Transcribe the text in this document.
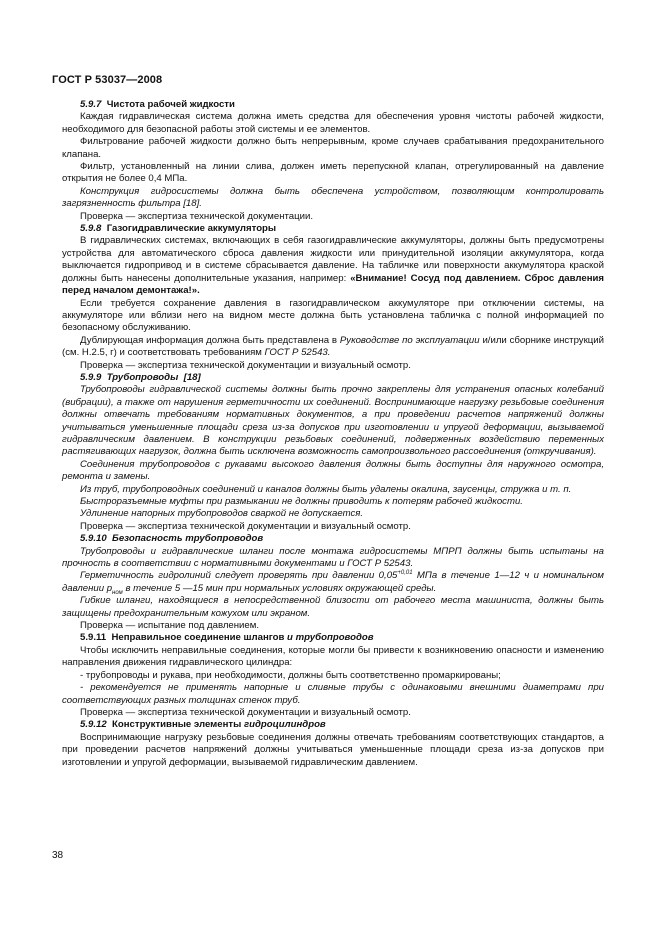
ГОСТ Р 53037—2008
5.9.7 Чистота рабочей жидкости

Каждая гидравлическая система должна иметь средства для обеспечения уровня чистоты рабочей жидкости, необходимого для безопасной работы этой системы и ее элементов.

Фильтрование рабочей жидкости должно быть непрерывным, кроме случаев срабатывания предохранительного клапана.

Фильтр, установленный на линии слива, должен иметь перепускной клапан, отрегулированный на давление открытия не более 0,4 МПа.

Конструкция гидросистемы должна быть обеспечена устройством, позволяющим контролировать загрязненность фильтра [18].

Проверка — экспертиза технической документации.

5.9.8 Газогидравлические аккумуляторы

В гидравлических системах, включающих в себя газогидравлические аккумуляторы, должны быть предусмотрены устройства для автоматического сброса давления жидкости или принудительной изоляции аккумулятора, когда выключается гидропривод и в системе сбрасывается давление. На табличке или поверхности аккумулятора краской должны быть нанесены дополнительные указания, например: «Внимание! Сосуд под давлением. Сброс давления перед началом демонтажа!».

Если требуется сохранение давления в газогидравлическом аккумуляторе при отключении системы, на аккумуляторе или вблизи него на видном месте должна быть установлена табличка с полной информацией по безопасному обслуживанию.

Дублирующая информация должна быть представлена в Руководстве по эксплуатации и/или сборнике инструкций (см. Н.2.5, г) и соответствовать требованиям ГОСТ Р 52543.

Проверка — экспертиза технической документации и визуальный осмотр.

5.9.9 Трубопроводы [18]

Трубопроводы гидравлической системы должны быть прочно закреплены для устранения опасных колебаний (вибрации), а также от нарушения герметичности их соединений. Воспринимающие нагрузку резьбовые соединения должны отвечать требованиям нормативных документов, а при проведении расчетов напряжений должны учитываться уменьшенные площади среза из-за допусков при изготовлении и упругой деформации, вызываемой гидравлическим давлением. В конструкции резьбовых соединений, подверженных воздействию переменных растягивающих нагрузок, должна быть исключена возможность самопроизвольного рассоединения (откручивания).

Соединения трубопроводов с рукавами высокого давления должны быть доступны для наружного осмотра, ремонта и замены.

Из труб, трубопроводных соединений и каналов должны быть удалены окалина, заусенцы, стружка и т. п.

Быстроразъемные муфты при размыкании не должны приводить к потерям рабочей жидкости.

Удлинение напорных трубопроводов сваркой не допускается.

Проверка — экспертиза технической документации и визуальный осмотр.

5.9.10 Безопасность трубопроводов

Трубопроводы и гидравлические шланги после монтажа гидросистемы МПРП должны быть испытаны на прочность в соответствии с нормативными документами и ГОСТ Р 52543.

Герметичность гидролиний следует проверять при давлении $0,05^{+0,01}$ МПа в течение 1—12 ч и номинальном давлении $p_{ном}$ в течение 5 —15 мин при нормальных условиях окружающей среды.

Гибкие шланги, находящиеся в непосредственной близости от рабочего места машиниста, должны быть защищены предохранительным кожухом или экраном.

Проверка — испытание под давлением.

5.9.11 Неправильное соединение шлангов и трубопроводов

Чтобы исключить неправильные соединения, которые могли бы привести к возникновению опасности и изменению направления движения гидравлического цилиндра:

- трубопроводы и рукава, при необходимости, должны быть соответственно промаркированы;

- рекомендуется не применять напорные и сливные трубы с одинаковыми внешними диаметрами при соответствующих разных толщинах стенок труб.

Проверка — экспертиза технической документации и визуальный осмотр.

5.9.12 Конструктивные элементы гидроцилиндров

Воспринимающие нагрузку резьбовые соединения должны отвечать требованиям соответствующих стандартов, а при проведении расчетов напряжений должны учитываться уменьшенные площади среза из-за допусков при изготовлении и упругой деформации, вызываемой гидравлическим давлением.

38
